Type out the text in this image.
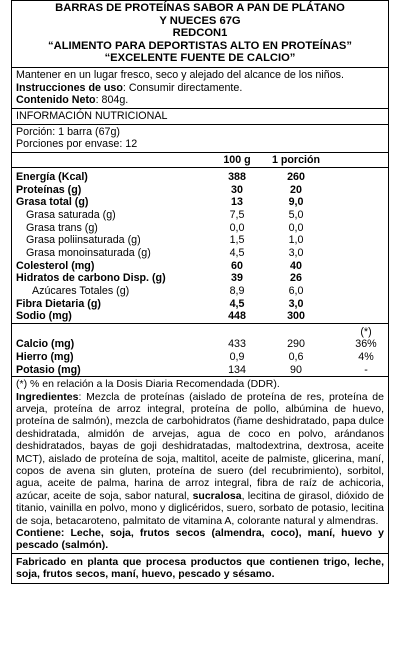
BARRAS DE PROTEÍNAS SABOR A PAN DE PLÁTANO
Y NUECES 67G
REDCON1
“ALIMENTO PARA DEPORTISTAS ALTO EN PROTEÍNAS”
“EXCELENTE FUENTE DE CALCIO”
Mantener en un lugar fresco, seco y alejado del alcance de los niños.
Instrucciones de uso: Consumir directamente.
Contenido Neto: 804g.
INFORMACIÓN NUTRICIONAL
Porción: 1 barra (67g)
Porciones por envase: 12
100 g	1 porción
Energía (Kcal)	388	260
Proteínas (g)	30	20
Grasa total (g)	13	9,0
Grasa saturada (g)	7,5	5,0
Grasa trans (g)	0,0	0,0
Grasa poliinsaturada (g)	1,5	1,0
Grasa monoinsaturada (g)	4,5	3,0
Colesterol (mg)	60	40
Hidratos de carbono Disp. (g)	39	26
Azúcares Totales (g)	8,9	6,0
Fibra Dietaria (g)	4,5	3,0
Sodio (mg)	448	300
(*)
Calcio (mg)	433	290	36%
Hierro (mg)	0,9	0,6	4%
Potasio (mg)	134	90	-
(*) % en relación a la Dosis Diaria Recomendada (DDR).
Ingredientes: Mezcla de proteínas (aislado de proteína de res, proteína de arveja, proteína de arroz integral, proteína de pollo, albúmina de huevo, proteína de salmón), mezcla de carbohidratos (ñame deshidratado, papa dulce deshidratada, almidón de arvejas, agua de coco en polvo, arándanos deshidratados, bayas de goji deshidratadas, maltodextrina, dextrosa, aceite MCT), aislado de proteína de soja, maltitol, aceite de palmiste, glicerina, maní, copos de avena sin gluten, proteína de suero (del recubrimiento), sorbitol, agua, aceite de palma, harina de arroz integral, fibra de raíz de achicoria, azúcar, aceite de soja, sabor natural, sucralosa, lecitina de girasol, dióxido de titanio, vainilla en polvo, mono y diglicéridos, suero, sorbato de potasio, lecitina de soja, betacaroteno, palmitato de vitamina A, colorante natural y almendras.
Contiene: Leche, soja, frutos secos (almendra, coco), maní, huevo y pescado (salmón).
Fabricado en planta que procesa productos que contienen trigo, leche, soja, frutos secos, maní, huevo, pescado y sésamo.
